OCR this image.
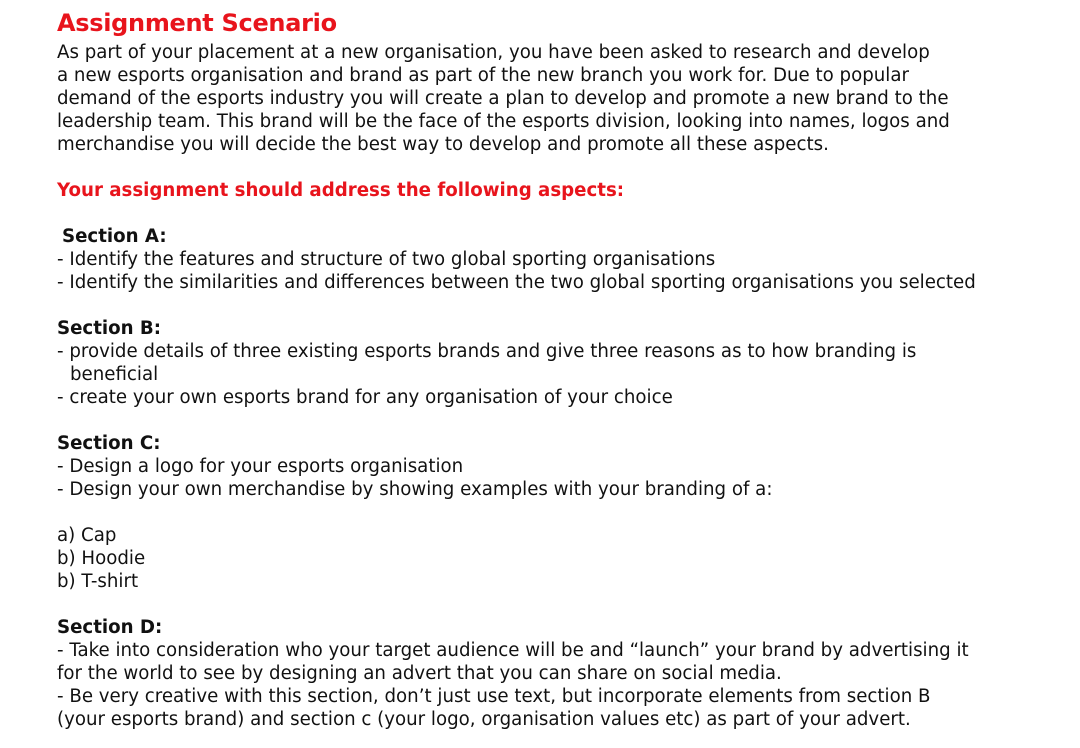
Assignment Scenario
As part of your placement at a new organisation, you have been asked to research and develop
a new esports organisation and brand as part of the new branch you work for. Due to popular
demand of the esports industry you will create a plan to develop and promote a new brand to the
leadership team. This brand will be the face of the esports division, looking into names, logos and
merchandise you will decide the best way to develop and promote all these aspects.
Your assignment should address the following aspects:
Section A:
- Identify the features and structure of two global sporting organisations
- Identify the similarities and differences between the two global sporting organisations you selected
Section B:
- provide details of three existing esports brands and give three reasons as to how branding is
beneficial
- create your own esports brand for any organisation of your choice
Section C:
- Design a logo for your esports organisation
- Design your own merchandise by showing examples with your branding of a:
a) Cap
b) Hoodie
b) T-shirt
Section D:
- Take into consideration who your target audience will be and “launch” your brand by advertising it
for the world to see by designing an advert that you can share on social media.
- Be very creative with this section, don’t just use text, but incorporate elements from section B
(your esports brand) and section c (your logo, organisation values etc) as part of your advert.
